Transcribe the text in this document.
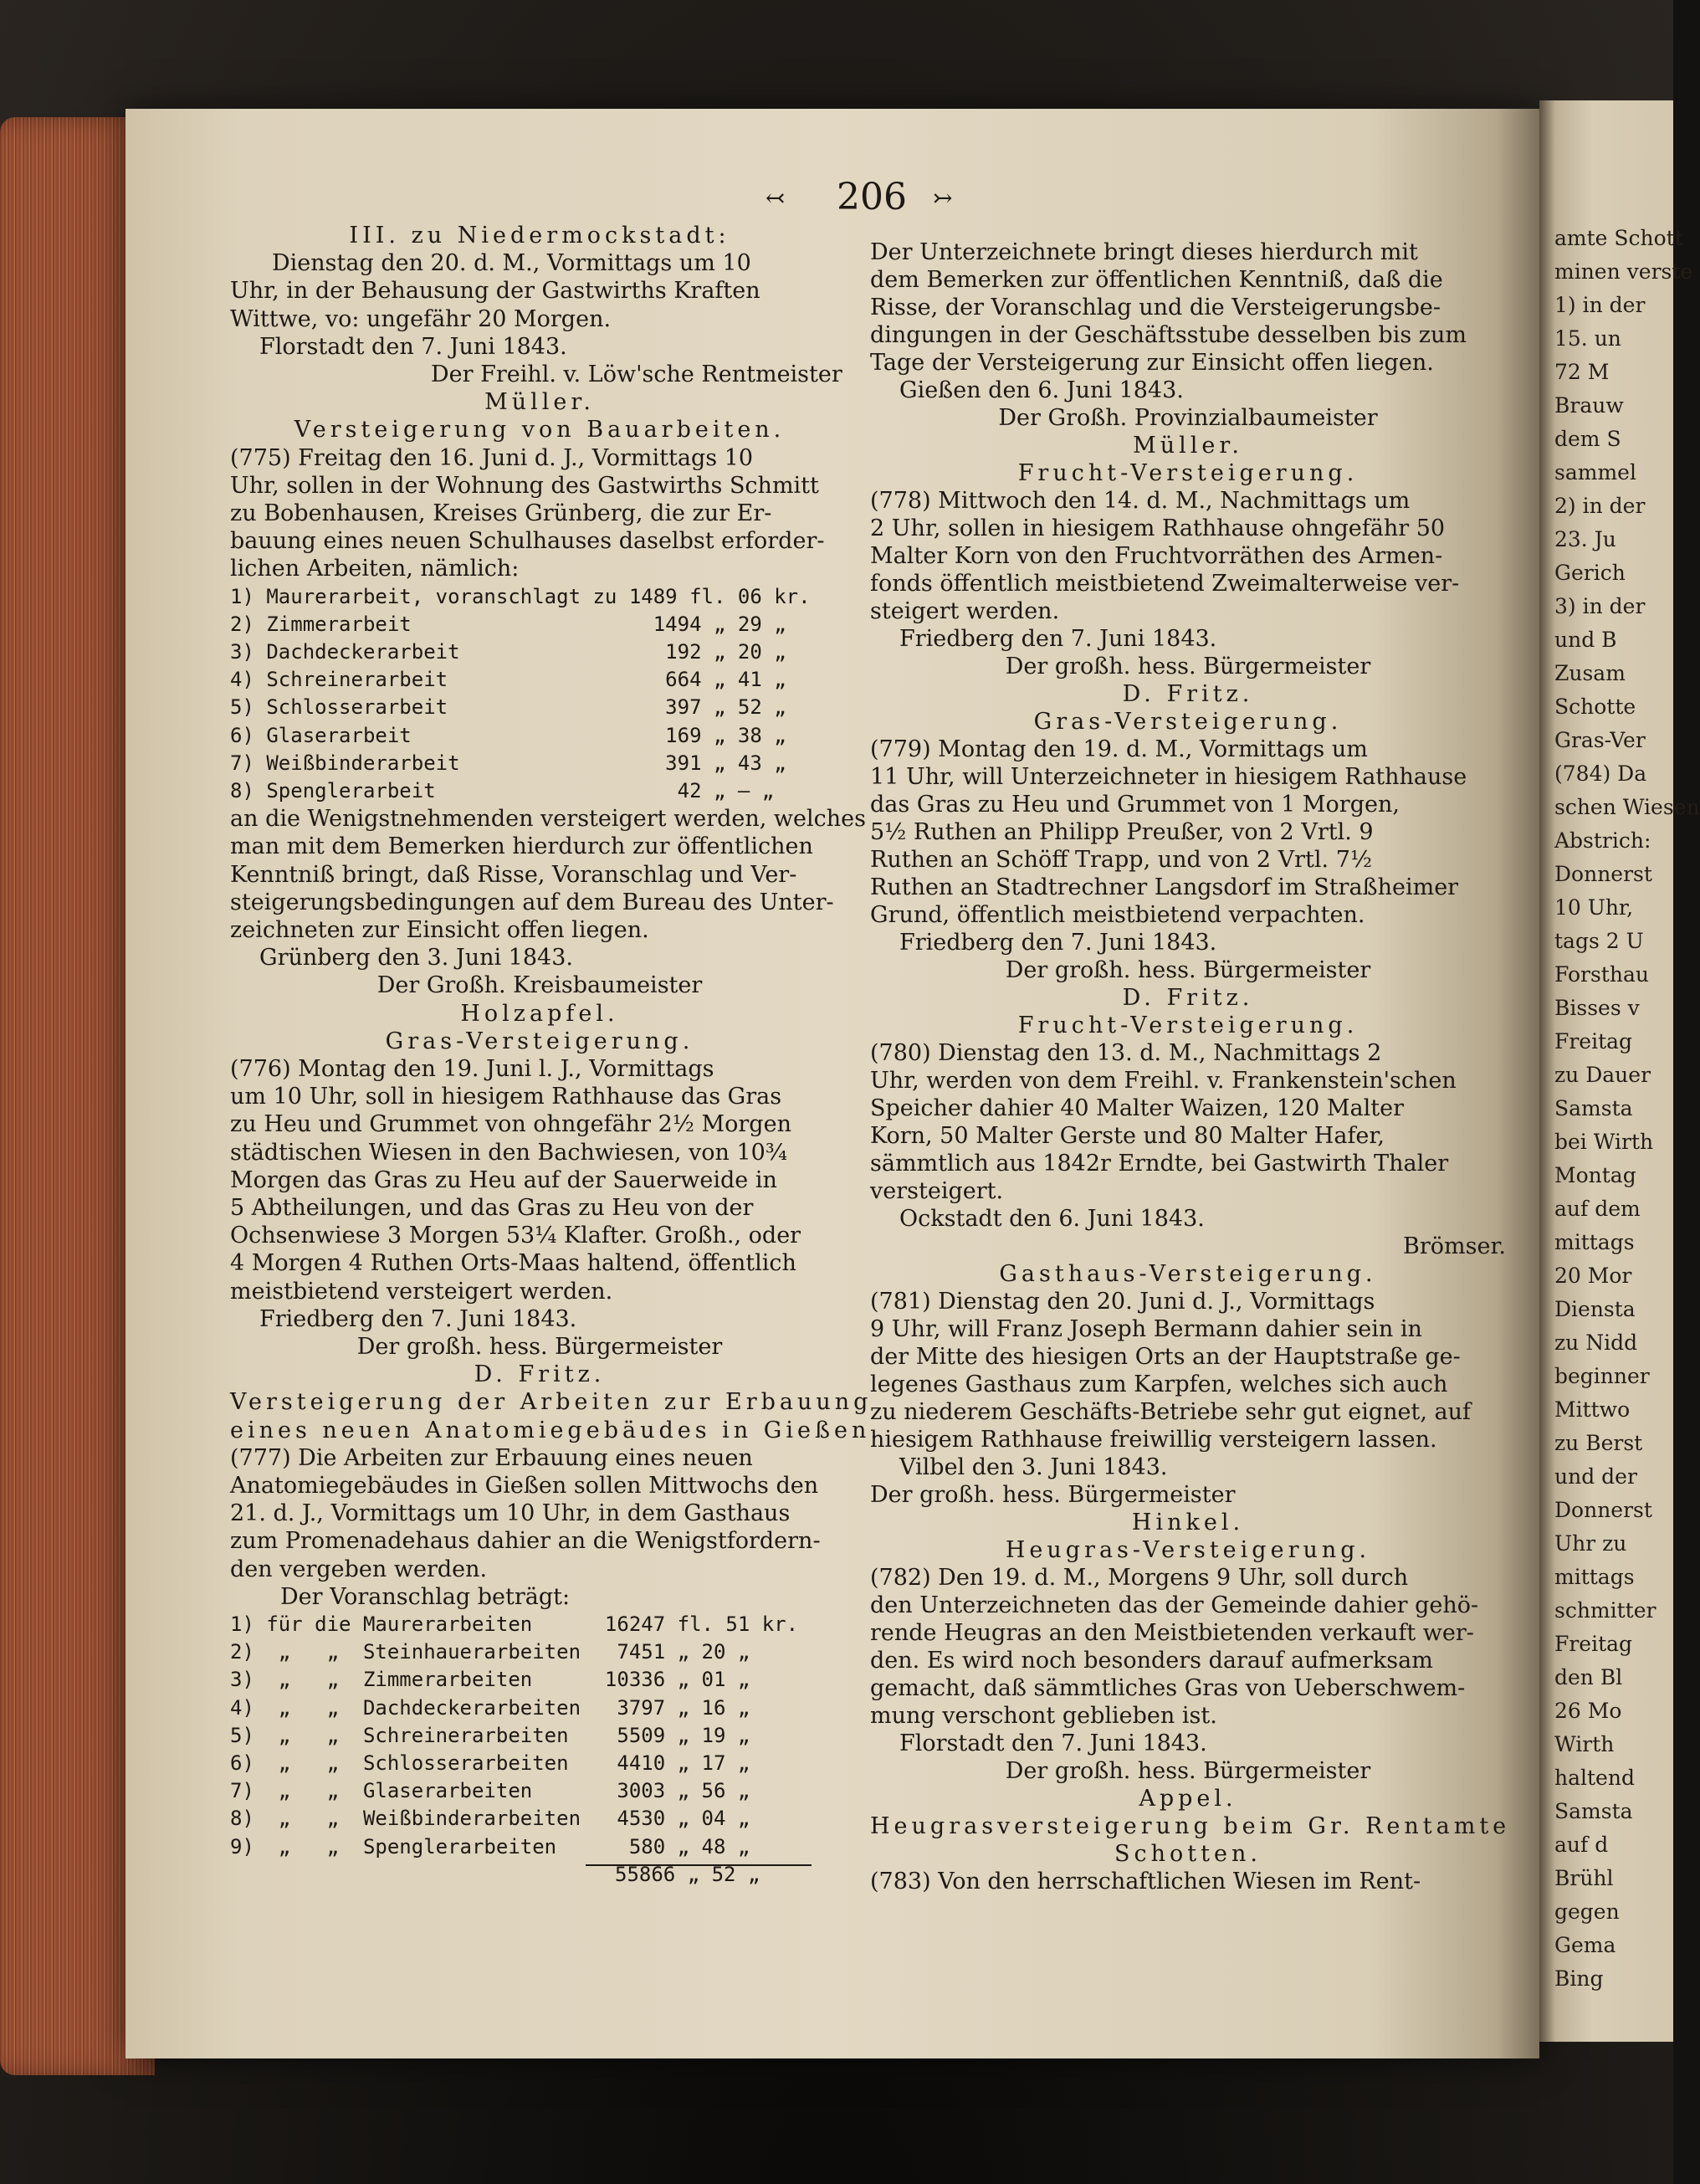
amte Schott
minen verste
1) in der
15. un
72 M
Brauw
dem S
sammel
2) in der
23. Ju
Gerich
3) in der
und B
Zusam
Schotte
Gras-Ver
(784) Da
schen Wiesen
Abstrich:
Donnerst
10 Uhr,
tags 2 U
Forsthau
Bisses v
Freitag
zu Dauer
Samsta
bei Wirth
Montag
auf dem
mittags
20 Mor
Diensta
zu Nidd
beginner
Mittwo
zu Berst
und der
Donnerst
Uhr zu
mittags
schmitter
Freitag
den Bl
26 Mo
Wirth
haltend
Samsta
auf d
Brühl
gegen
Gema
Bing
↢ 206 ↣
III. zu Niedermockstadt:
Dienstag den 20. d. M., Vormittags um 10
Uhr, in der Behausung der Gastwirths Kraften
Wittwe, vo: ungefähr 20 Morgen.
Florstadt den 7. Juni 1843.
Der Freihl. v. Löw'sche Rentmeister
Müller.
Versteigerung von Bauarbeiten.
(775) Freitag den 16. Juni d. J., Vormittags 10
Uhr, sollen in der Wohnung des Gastwirths Schmitt
zu Bobenhausen, Kreises Grünberg, die zur Er-
bauung eines neuen Schulhauses daselbst erforder-
lichen Arbeiten, nämlich:
1) Maurerarbeit, voranschlagt zu 1489 fl. 06 kr.
2) Zimmerarbeit                    1494 „ 29 „
3) Dachdeckerarbeit                 192 „ 20 „
4) Schreinerarbeit                  664 „ 41 „
5) Schlosserarbeit                  397 „ 52 „
6) Glaserarbeit                     169 „ 38 „
7) Weißbinderarbeit                 391 „ 43 „
8) Spenglerarbeit                    42 „ — „
an die Wenigstnehmenden versteigert werden, welches
man mit dem Bemerken hierdurch zur öffentlichen
Kenntniß bringt, daß Risse, Voranschlag und Ver-
steigerungsbedingungen auf dem Bureau des Unter-
zeichneten zur Einsicht offen liegen.
Grünberg den 3. Juni 1843.
Der Großh. Kreisbaumeister
Holzapfel.
Gras-Versteigerung.
(776) Montag den 19. Juni l. J., Vormittags
um 10 Uhr, soll in hiesigem Rathhause das Gras
zu Heu und Grummet von ohngefähr 2½ Morgen
städtischen Wiesen in den Bachwiesen, von 10¾
Morgen das Gras zu Heu auf der Sauerweide in
5 Abtheilungen, und das Gras zu Heu von der
Ochsenwiese 3 Morgen 53¼ Klafter. Großh., oder
4 Morgen 4 Ruthen Orts-Maas haltend, öffentlich
meistbietend versteigert werden.
Friedberg den 7. Juni 1843.
Der großh. hess. Bürgermeister
D. Fritz.
Versteigerung der Arbeiten zur Erbauung
eines neuen Anatomiegebäudes in Gießen.
(777) Die Arbeiten zur Erbauung eines neuen
Anatomiegebäudes in Gießen sollen Mittwochs den
21. d. J., Vormittags um 10 Uhr, in dem Gasthaus
zum Promenadehaus dahier an die Wenigstfordern-
den vergeben werden.
Der Voranschlag beträgt:
1) für die Maurerarbeiten      16247 fl. 51 kr.
2)  „   „  Steinhauerarbeiten   7451 „ 20 „
3)  „   „  Zimmerarbeiten      10336 „ 01 „
4)  „   „  Dachdeckerarbeiten   3797 „ 16 „
5)  „   „  Schreinerarbeiten    5509 „ 19 „
6)  „   „  Schlosserarbeiten    4410 „ 17 „
7)  „   „  Glaserarbeiten       3003 „ 56 „
8)  „   „  Weißbinderarbeiten   4530 „ 04 „
9)  „   „  Spenglerarbeiten      580 „ 48 „
55866 „ 52 „
Der Unterzeichnete bringt dieses hierdurch mit
dem Bemerken zur öffentlichen Kenntniß, daß die
Risse, der Voranschlag und die Versteigerungsbe-
dingungen in der Geschäftsstube desselben bis zum
Tage der Versteigerung zur Einsicht offen liegen.
Gießen den 6. Juni 1843.
Der Großh. Provinzialbaumeister
Müller.
Frucht-Versteigerung.
(778) Mittwoch den 14. d. M., Nachmittags um
2 Uhr, sollen in hiesigem Rathhause ohngefähr 50
Malter Korn von den Fruchtvorräthen des Armen-
fonds öffentlich meistbietend Zweimalterweise ver-
steigert werden.
Friedberg den 7. Juni 1843.
Der großh. hess. Bürgermeister
D. Fritz.
Gras-Versteigerung.
(779) Montag den 19. d. M., Vormittags um
11 Uhr, will Unterzeichneter in hiesigem Rathhause
das Gras zu Heu und Grummet von 1 Morgen,
5½ Ruthen an Philipp Preußer, von 2 Vrtl. 9
Ruthen an Schöff Trapp, und von 2 Vrtl. 7½
Ruthen an Stadtrechner Langsdorf im Straßheimer
Grund, öffentlich meistbietend verpachten.
Friedberg den 7. Juni 1843.
Der großh. hess. Bürgermeister
D. Fritz.
Frucht-Versteigerung.
(780) Dienstag den 13. d. M., Nachmittags 2
Uhr, werden von dem Freihl. v. Frankenstein'schen
Speicher dahier 40 Malter Waizen, 120 Malter
Korn, 50 Malter Gerste und 80 Malter Hafer,
sämmtlich aus 1842r Erndte, bei Gastwirth Thaler
versteigert.
Ockstadt den 6. Juni 1843.
Brömser.
Gasthaus-Versteigerung.
(781) Dienstag den 20. Juni d. J., Vormittags
9 Uhr, will Franz Joseph Bermann dahier sein in
der Mitte des hiesigen Orts an der Hauptstraße ge-
legenes Gasthaus zum Karpfen, welches sich auch
zu niederem Geschäfts-Betriebe sehr gut eignet, auf
hiesigem Rathhause freiwillig versteigern lassen.
Vilbel den 3. Juni 1843.
Der großh. hess. Bürgermeister
Hinkel.
Heugras-Versteigerung.
(782) Den 19. d. M., Morgens 9 Uhr, soll durch
den Unterzeichneten das der Gemeinde dahier gehö-
rende Heugras an den Meistbietenden verkauft wer-
den. Es wird noch besonders darauf aufmerksam
gemacht, daß sämmtliches Gras von Ueberschwem-
mung verschont geblieben ist.
Florstadt den 7. Juni 1843.
Der großh. hess. Bürgermeister
Appel.
Heugrasversteigerung beim Gr. Rentamte
Schotten.
(783) Von den herrschaftlichen Wiesen im Rent-
